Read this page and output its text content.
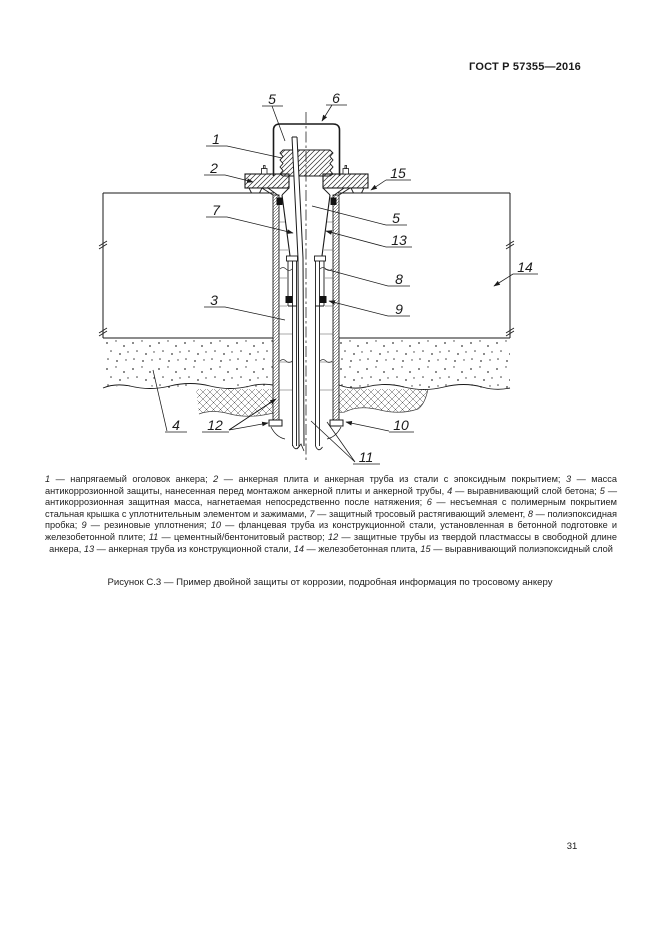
ГОСТ Р 57355—2016
1
2
5	6
15
7	5
13
8
9
3
14
4 12	10
11
1 — напрягаемый оголовок анкера; 2 — анкерная плита и анкерная труба из стали с эпоксидным покрытием; 3 — масса антикоррозионной защиты, нанесенная перед монтажом анкерной плиты и анкерной трубы, 4 — выравнивающий слой бетона; 5 — антикоррозионная защитная масса, нагнетаемая непосредственно после натяжения; 6 — несъемная с полимерным покрытием стальная крышка с уплотнительным элементом и зажимами, 7 — защитный тросовый растягивающий элемент, 8 — полиэпоксидная пробка; 9 — резиновые уплотнения; 10 — фланцевая труба из конструкционной стали, установленная в бетонной подготовке и железобетонной плите; 11 — цементный/бентонитовый раствор; 12 — защитные трубы из твердой пластмассы в свободной длине анкера, 13 — анкерная труба из конструкционной стали, 14 — железобетонная плита, 15 — выравнивающий полиэпоксидный слой
Рисунок С.3 — Пример двойной защиты от коррозии, подробная информация по тросовому анкеру
31
